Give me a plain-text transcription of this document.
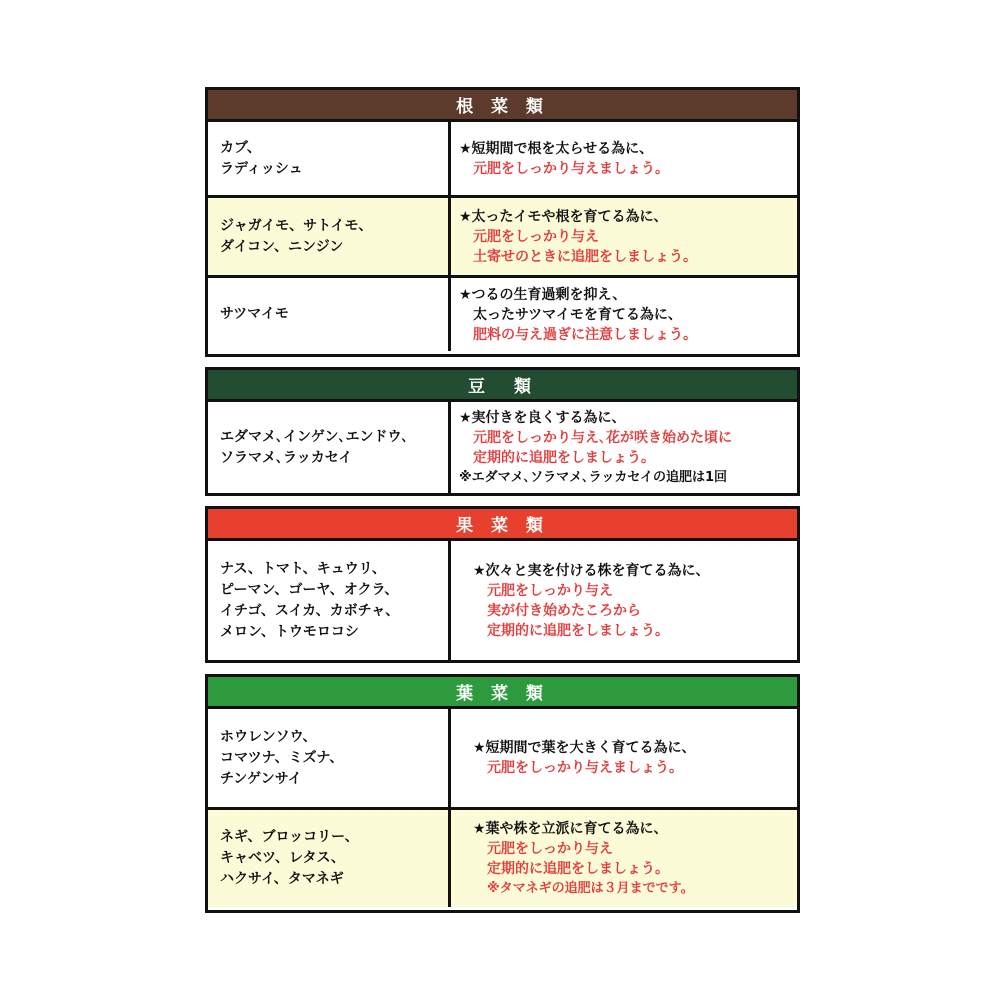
根 菜 類
カブ、
ラディッシュ
★短期間で根を太らせる為に、
元肥をしっかり与えましょう。
ジャガイモ、サトイモ、
ダイコン、ニンジン
★太ったイモや根を育てる為に、
元肥をしっかり与え
土寄せのときに追肥をしましょう。
サツマイモ
★つるの生育過剰を抑え、
太ったサツマイモを育てる為に、
肥料の与え過ぎに注意しましょう。
豆　類
エダマメ､インゲン､エンドウ､
ソラマメ､ラッカセイ
★実付きを良くする為に、
元肥をしっかり与え､花が咲き始めた頃に
定期的に追肥をしましょう。
※エダマメ､ソラマメ､ラッカセイの追肥は1回
果 菜 類
ナス、トマト、キュウリ、
ピーマン、ゴーヤ、オクラ、
イチゴ、スイカ、カボチャ、
メロン、トウモロコシ
★次々と実を付ける株を育てる為に、
元肥をしっかり与え
実が付き始めたころから
定期的に追肥をしましょう。
葉 菜 類
ホウレンソウ、
コマツナ、ミズナ、
チンゲンサイ
★短期間で葉を大きく育てる為に、
元肥をしっかり与えましょう。
ネギ、ブロッコリー、
キャベツ、レタス、
ハクサイ、タマネギ
★葉や株を立派に育てる為に、
元肥をしっかり与え
定期的に追肥をしましょう。
※タマネギの追肥は３月までです。
